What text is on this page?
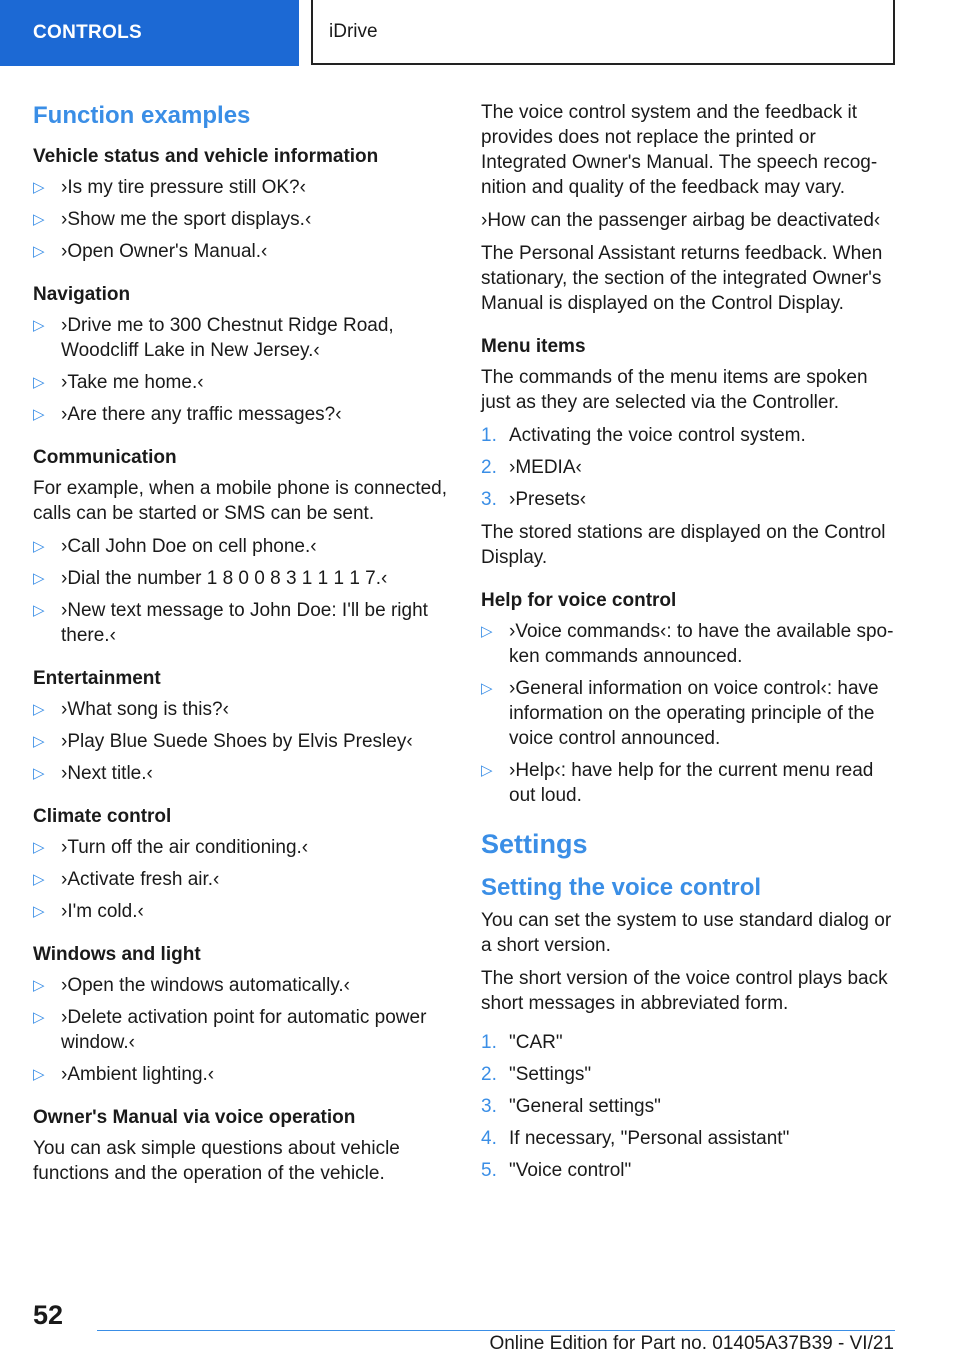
CONTROLS	iDrive
Function examples
Vehicle status and vehicle information
▷ ›Is my tire pressure still OK?‹
▷ ›Show me the sport displays.‹
▷ ›Open Owner's Manual.‹
Navigation
▷ ›Drive me to 300 Chestnut Ridge Road, Woodcliff Lake in New Jersey.‹
▷ ›Take me home.‹
▷ ›Are there any traffic messages?‹
Communication

For example, when a mobile phone is connected, calls can be started or SMS can be sent.

▷ ›Call John Doe on cell phone.‹
▷ ›Dial the number 1 8 0 0 8 3 1 1 1 1 7.‹
▷ ›New text message to John Doe: I'll be right there.‹
Entertainment
▷ ›What song is this?‹
▷ ›Play Blue Suede Shoes by Elvis Presley‹
▷ ›Next title.‹
Climate control
▷ ›Turn off the air conditioning.‹
▷ ›Activate fresh air.‹
▷ ›I'm cold.‹
Windows and light
▷ ›Open the windows automatically.‹
▷ ›Delete activation point for automatic power window.‹
▷ ›Ambient lighting.‹
Owner's Manual via voice operation

You can ask simple questions about vehicle functions and the operation of the vehicle.

The voice control system and the feedback it provides does not replace the printed or Integrated Owner's Manual. The speech recog‐ nition and quality of the feedback may vary.

›How can the passenger airbag be deactivated‹

The Personal Assistant returns feedback. When stationary, the section of the integrated Owner's Manual is displayed on the Control Display.

Menu items

The commands of the menu items are spoken just as they are selected via the Controller.

1. Activating the voice control system.
2. ›MEDIA‹
3. ›Presets‹

The stored stations are displayed on the Control Display.

Help for voice control
▷ ›Voice commands‹: to have the available spo‐ ken commands announced.
▷ ›General information on voice control‹: have information on the operating principle of the voice control announced.
▷ ›Help‹: have help for the current menu read out loud.
Settings
Setting the voice control

You can set the system to use standard dialog or a short version.

The short version of the voice control plays back short messages in abbreviated form.

1. "CAR"
2. "Settings"
3. "General settings"
4. If necessary, "Personal assistant"
5. "Voice control"
52
Online Edition for Part no. 01405A37B39 - VI/21
